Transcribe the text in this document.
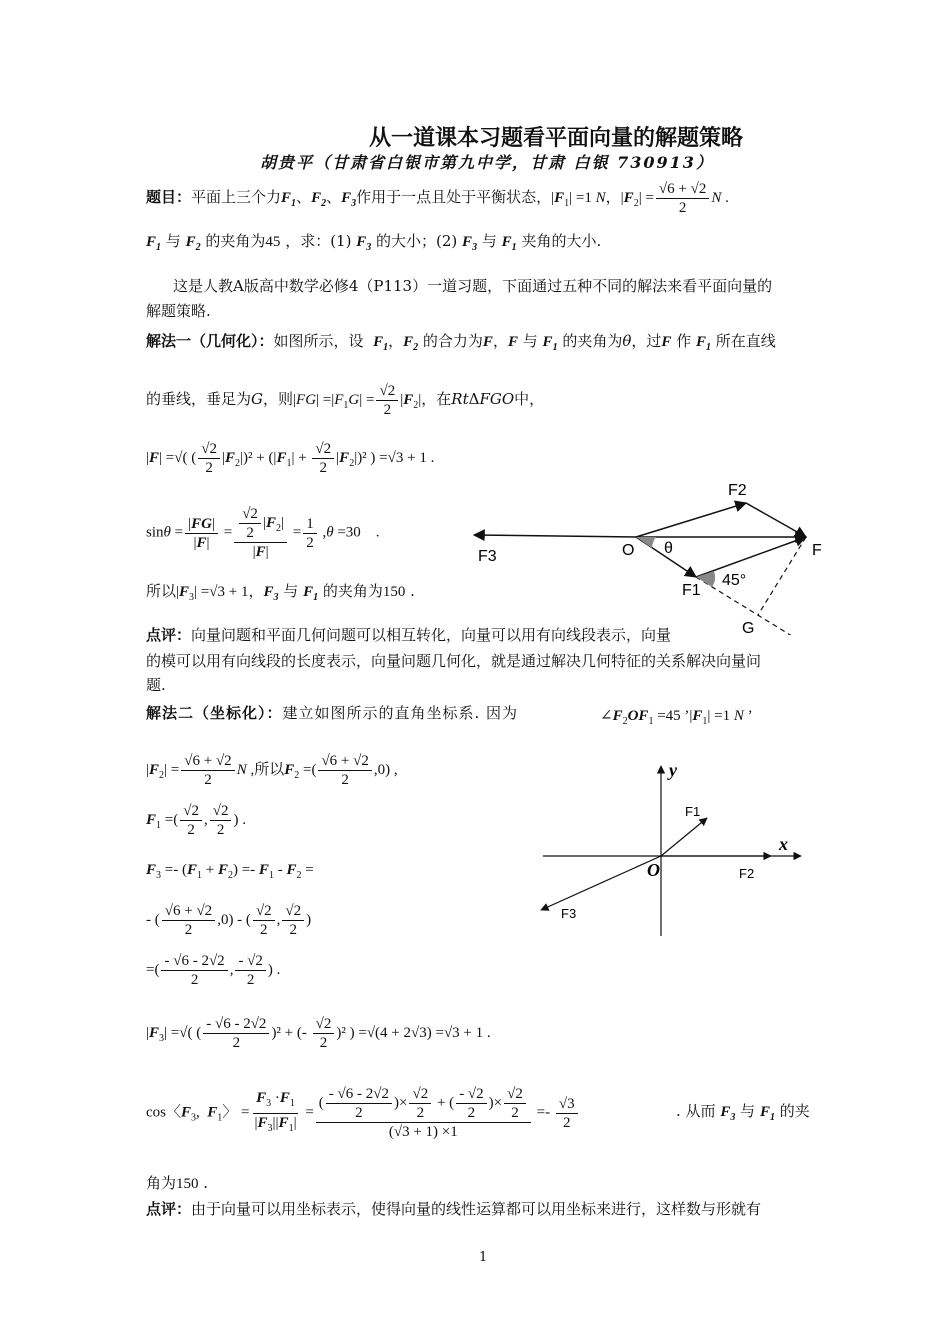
从一道课本习题看平面向量的解题策略
胡贵平（甘肃省白银市第九中学，甘肃 白银 730913）
题目：平面上三个力$F_1$、$F_2$、$F_3$作用于一点且处于平衡状态，$|F_1| =1$ N，$|F_2| = \frac{√6 + √2}{2}$ N .
$F_1$ 与 $F_2$ 的夹角为45 ，求：(1) $F_3$ 的大小；(2) $F_3$ 与 $F_1$ 夹角的大小.
这是人教A版高中数学必修4（P113）一道习题，下面通过五种不同的解法来看平面向量的
解题策略.
解法一（几何化）：如图所示，设 $F_1$，$F_2$ 的合力为F，F 与 $F_1$ 的夹角为θ，过F 作 $F_1$ 所在直线
的垂线，垂足为G，则$|FG| =|F_1G| = \frac{√2}{2} |F_2|$，在RtΔFGO中，
|F| =√( ( $\frac{√2}{2} |F_2|)^2 + (|F_1| + \frac{√2}{2} |F_2|)^2$ ) =√3 + 1 .
$\sin\theta = \frac{|FG|}{|F|} = \frac{\frac{√2}{2} |F_2|}{|F|} = \frac{1}{2} ,\theta =30$    .
所以$|F_3| =√3 + 1$，$F_3$ 与 $F_1$ 的夹角为150 .
F2
F
F3	O θ
F1
45°
G
点评：向量问题和平面几何问题可以相互转化，向量可以用有向线段表示，向量
的模可以用有向线段的长度表示，向量问题几何化，就是通过解决几何特征的关系解决向量问
题.
解法二（坐标化）：建立如图所示的直角坐标系. 因为	$\angle F_2OF_1 =45$ $’|F_1| =1$ N ’
$|F_2| = \frac{√6 + √2}{2}$ N ,所以$F_2$ =( $\frac{√6 + √2}{2} ,0$) ,
$F_1$ =( $\frac{√2}{2}$ , $\frac{√2}{2}$ ) .
$F_3 =- (F_1 + F_2) =- F_1 - F_2$ =
- ( $\frac{√6 + √2}{2} ,0$) - ( $\frac{√2}{2}$ , $\frac{√2}{2}$ )
=( $\frac{- √6 - 2√2}{2}$ , $\frac{- √2}{2}$ ) .
$|F_3|$ =√( ( $\frac{- √6 - 2√2}{2} )^2$ + (- $\frac{√2}{2} )^2$ ) =√(4 + 2√3) =√3 + 1 .
y
x
O
F1
F2
F3
cos〈$F_3$,  $F_1$〉 = $\frac{F_3 \cdot F_1}{|F_3||F_1|} = \frac{( \frac{- √6 - 2√2}{2} )\times \frac{√2}{2} + ( \frac{- √2}{2} )\times \frac{√2}{2}}{(√3 + 1) \times 1} =- \frac{√3}{2}$	. 从而 $F_3$ 与 $F_1$ 的夹
角为150 .
点评：由于向量可以用坐标表示，使得向量的线性运算都可以用坐标来进行，这样数与形就有
1
